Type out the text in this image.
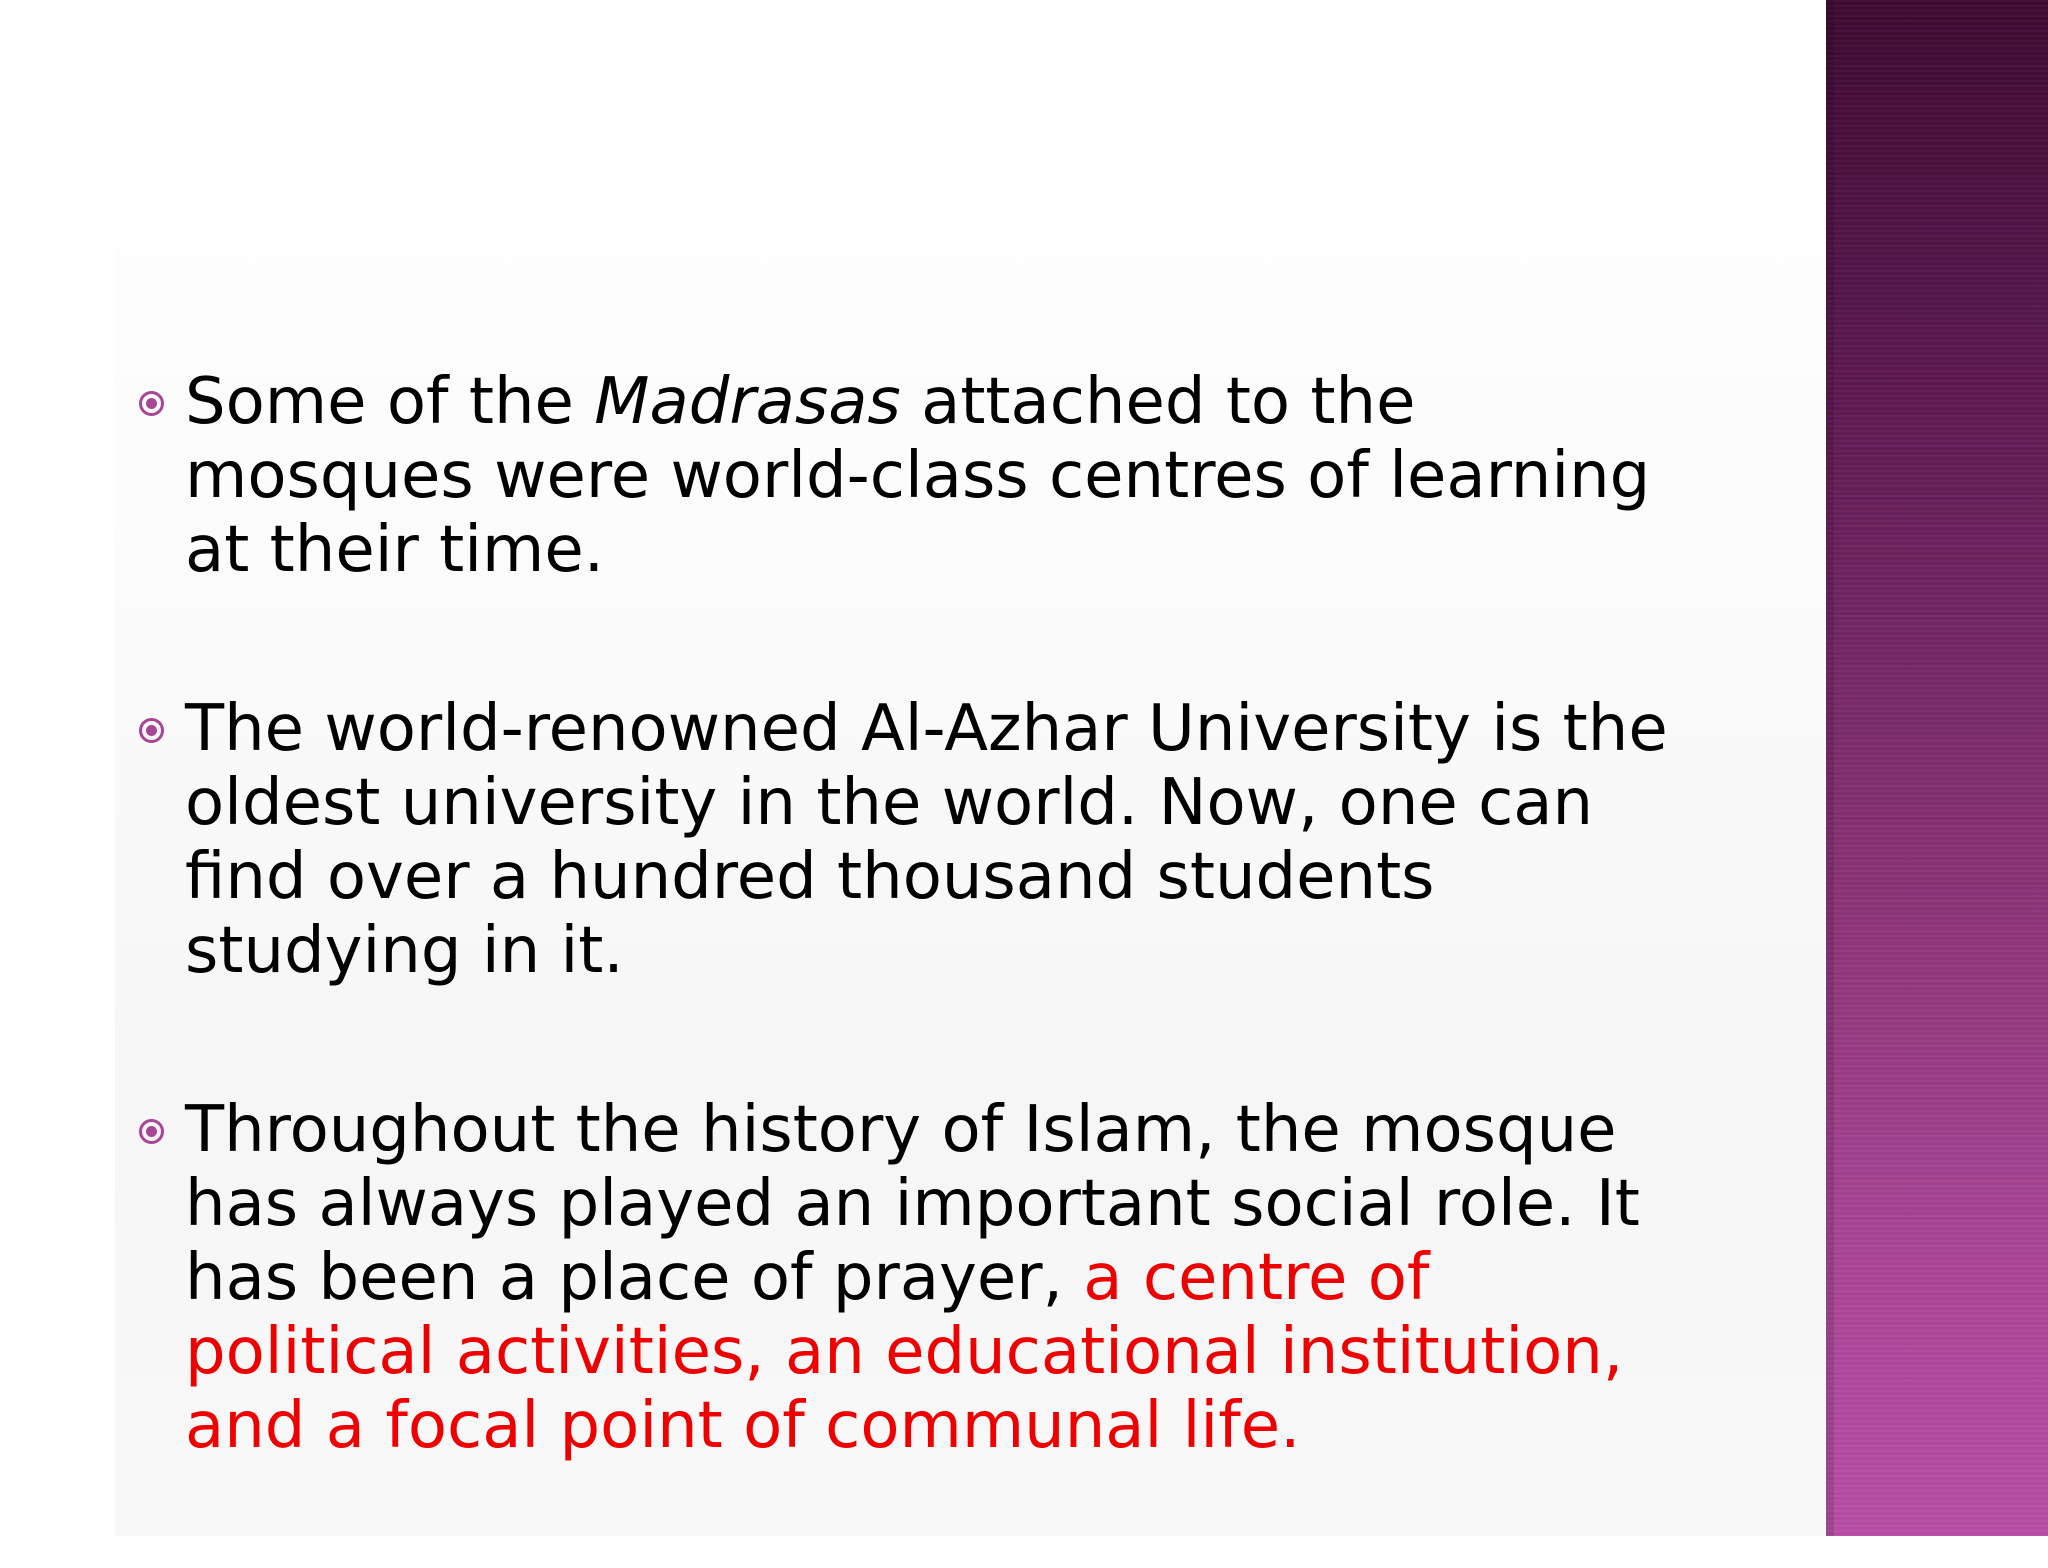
Some of the Madrasas attached to the mosques were world-class centres of learning at their time.
The world-renowned Al-Azhar University is the oldest university in the world. Now, one can find over a hundred thousand students studying in it.
Throughout the history of Islam, the mosque has always played an important social role. It has been a place of prayer, a centre of political activities, an educational institution, and a focal point of communal life.
